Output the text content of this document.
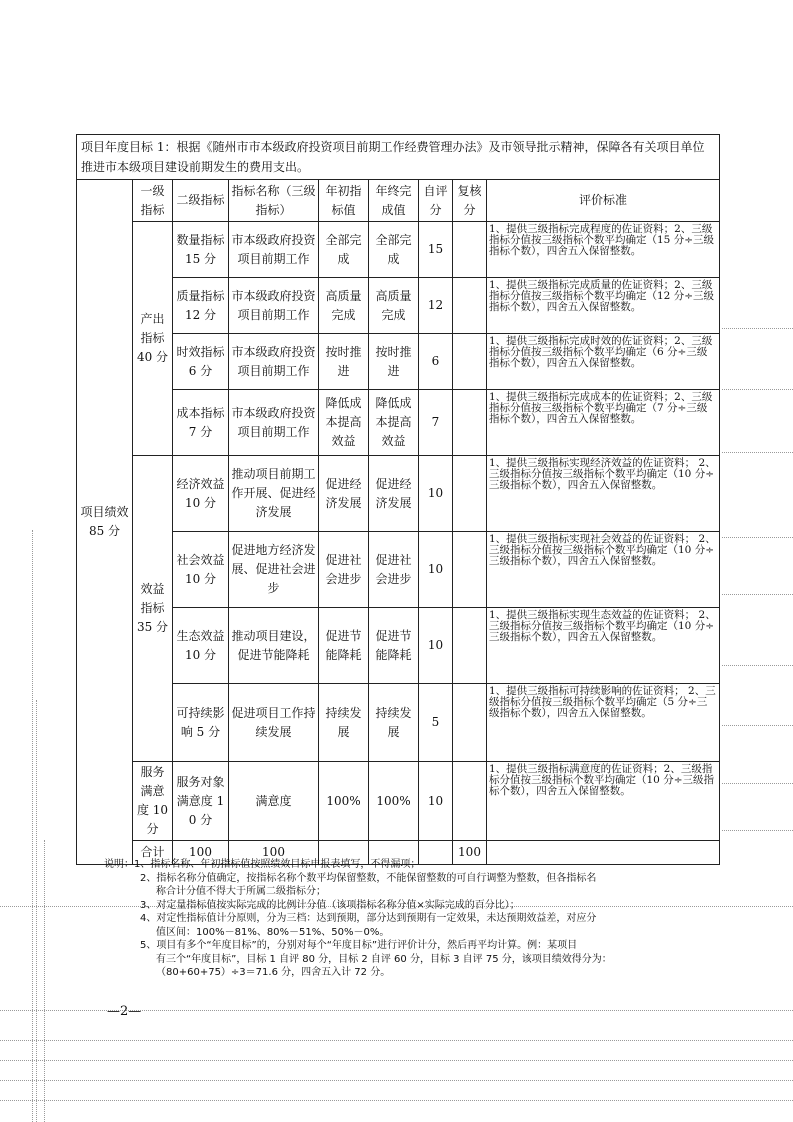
项目年度目标 1：根据《随州市市本级政府投资项目前期工作经费管理办法》及市领导批示精神，保障各有关项目单位推进市本级项目建设前期发生的费用支出。									
项目绩效 85 分	一级指标	二级指标	指标名称（三级指标）	年初指标值	年终完成值	自评分	复核分	评价标准	
	产出指标 40 分	数量指标 15 分	市本级政府投资项目前期工作	全部完成	全部完成	15		1、提供三级指标完成程度的佐证资料；2、三级指标分值按三级指标个数平均确定（15 分÷三级指标个数），四舍五入保留整数。	
		质量指标 12 分	市本级政府投资项目前期工作	高质量完成	高质量完成	12		1、提供三级指标完成质量的佐证资料；2、三级指标分值按三级指标个数平均确定（12 分÷三级指标个数），四舍五入保留整数。	
		时效指标 6 分	市本级政府投资项目前期工作	按时推进	按时推进	6		1、提供三级指标完成时效的佐证资料；2、三级指标分值按三级指标个数平均确定（6 分÷三级指标个数），四舍五入保留整数。	
		成本指标 7 分	市本级政府投资项目前期工作	降低成本提高效益	降低成本提高效益	7		1、提供三级指标完成成本的佐证资料；2、三级指标分值按三级指标个数平均确定（7 分÷三级指标个数），四舍五入保留整数。	
	效益指标 35 分	经济效益 10 分	推动项目前期工作开展、促进经济发展	促进经济发展	促进经济发展	10		1、提供三级指标实现经济效益的佐证资料； 2、三级指标分值按三级指标个数平均确定（10 分÷三级指标个数），四舍五入保留整数。	
		社会效益 10 分	促进地方经济发展、促进社会进步	促进社会进步	促进社会进步	10		1、提供三级指标实现社会效益的佐证资料； 2、三级指标分值按三级指标个数平均确定（10 分÷三级指标个数），四舍五入保留整数。	
		生态效益 10 分	推动项目建设，促进节能降耗	促进节能降耗	促进节能降耗	10		1、提供三级指标实现生态效益的佐证资料； 2、三级指标分值按三级指标个数平均确定（10 分÷三级指标个数），四舍五入保留整数。	
		可持续影响 5 分	促进项目工作持续发展	持续发展	持续发展	5		1、提供三级指标可持续影响的佐证资料； 2、三级指标分值按三级指标个数平均确定（5 分÷三级指标个数），四舍五入保留整数。	
	服务满意度 10 分	服务对象满意度 10 分	满意度	100%	100%	10		1、提供三级指标满意度的佐证资料；2、三级指标分值按三级指标个数平均确定（10 分÷三级指标个数），四舍五入保留整数。	
	合计	100	100				100		
说明：1、指标名称、年初指标值按照绩效目标申报表填写，不得漏项；
2、指标名称分值确定，按指标名称个数平均保留整数，不能保留整数的可自行调整为整数，但各指标名
称合计分值不得大于所属二级指标分；
3、对定量指标值按实际完成的比例计分值（该项指标名称分值×实际完成的百分比）；
4、对定性指标值计分原则，分为三档：达到预期，部分达到预期有一定效果，未达预期效益差，对应分
值区间：100%－81%、80%－51%、50%－0%。
5、项目有多个“年度目标”的，分别对每个“年度目标”进行评价计分，然后再平均计算。例：某项目
有三个“年度目标”，目标 1 自评 80 分，目标 2 自评 60 分，目标 3 自评 75 分，该项目绩效得分为：
（80+60+75）÷3＝71.6 分，四舍五入计 72 分。
—2—
